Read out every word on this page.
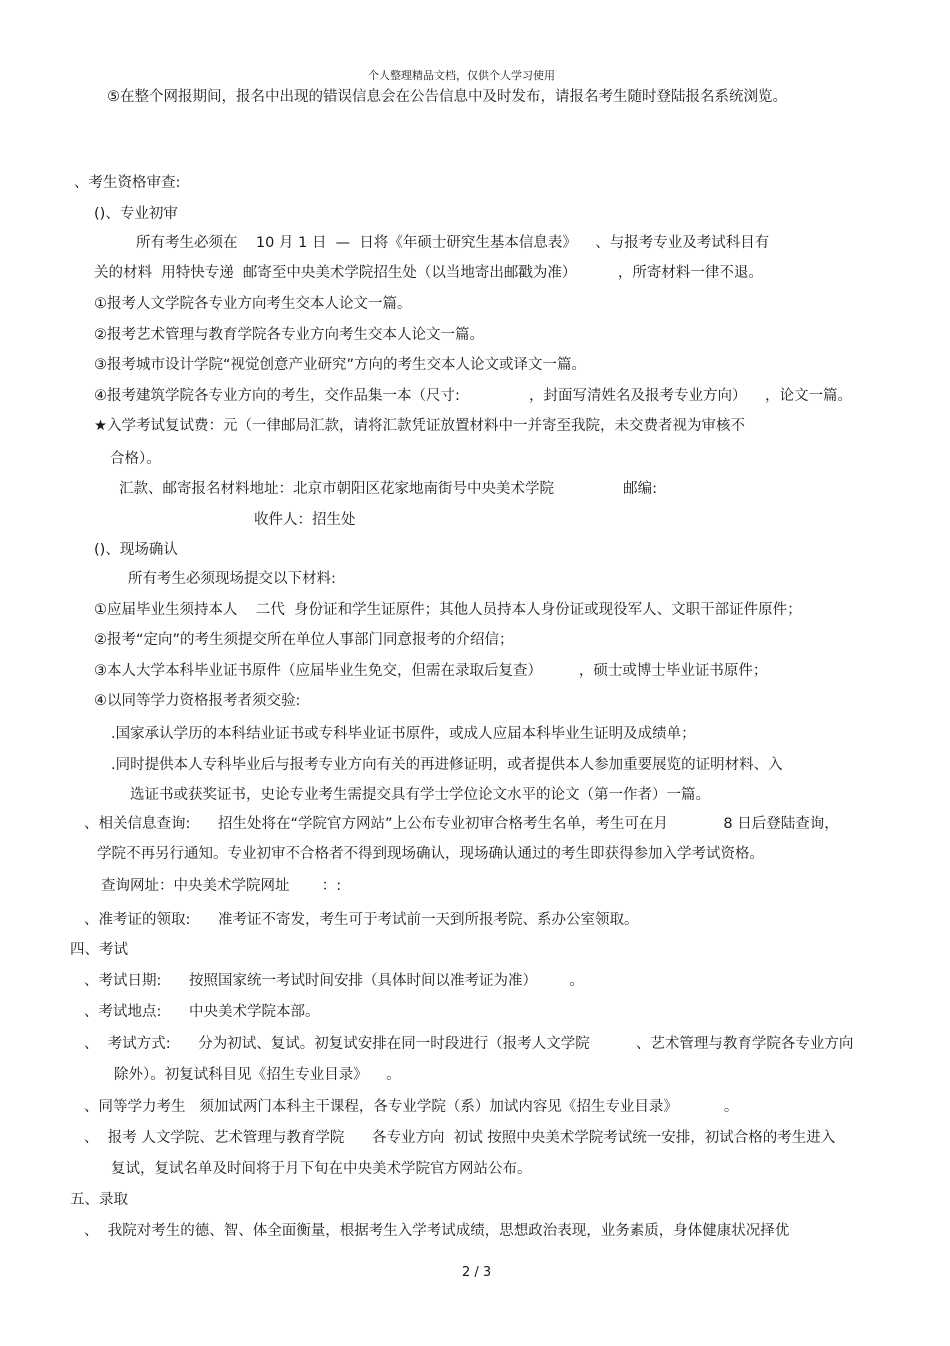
个人整理精品文档，仅供个人学习使用
⑤在整个网报期间，报名中出现的错误信息会在公告信息中及时发布，请报名考生随时登陆报名系统浏览。
、考生资格审查:
()、专业初审
所有考生必须在    10 月 1 日  —  日将《年硕士研究生基本信息表》    、与报考专业及考试科目有
关的材料  用特快专递  邮寄至中央美术学院招生处（以当地寄出邮戳为准）         ，所寄材料一律不退。
①报考人文学院各专业方向考生交本人论文一篇。
②报考艺术管理与教育学院各专业方向考生交本人论文一篇。
③报考城市设计学院“视觉创意产业研究”方向的考生交本人论文或译文一篇。
④报考建筑学院各专业方向的考生，交作品集一本（尺寸:               ，封面写清姓名及报考专业方向）    ，论文一篇。
★入学考试复试费：元（一律邮局汇款，请将汇款凭证放置材料中一并寄至我院，未交费者视为审核不
合格）。
汇款、邮寄报名材料地址：北京市朝阳区花家地南街号中央美术学院               邮编:
收件人：招生处
()、现场确认
所有考生必须现场提交以下材料:
①应届毕业生须持本人    二代  身份证和学生证原件；其他人员持本人身份证或现役军人、文职干部证件原件；
②报考“定向”的考生须提交所在单位人事部门同意报考的介绍信；
③本人大学本科毕业证书原件（应届毕业生免交，但需在录取后复查）        ，硕士或博士毕业证书原件；
④以同等学力资格报考者须交验:
.国家承认学历的本科结业证书或专科毕业证书原件，或成人应届本科毕业生证明及成绩单；
.同时提供本人专科毕业后与报考专业方向有关的再进修证明，或者提供本人参加重要展览的证明材料、入
选证书或获奖证书，史论专业考生需提交具有学士学位论文水平的论文（第一作者）一篇。
、相关信息查询:      招生处将在“学院官方网站”上公布专业初审合格考生名单，考生可在月            8 日后登陆查询，
学院不再另行通知。专业初审不合格者不得到现场确认，现场确认通过的考生即获得参加入学考试资格。
查询网址：中央美术学院网址       ：:
、准考证的领取:      准考证不寄发，考生可于考试前一天到所报考院、系办公室领取。
四、考试
、考试日期:      按照国家统一考试时间安排（具体时间以准考证为准）       。
、考试地点:      中央美术学院本部。
、  考试方式:      分为初试、复试。初复试安排在同一时段进行（报考人文学院          、艺术管理与教育学院各专业方向
除外）。初复试科目见《招生专业目录》    。
、同等学力考生   须加试两门本科主干课程，各专业学院（系）加试内容见《招生专业目录》          。
、  报考 人文学院、艺术管理与教育学院      各专业方向  初试 按照中央美术学院考试统一安排，初试合格的考生进入
复试，复试名单及时间将于月下旬在中央美术学院官方网站公布。
五、录取
、  我院对考生的德、智、体全面衡量，根据考生入学考试成绩，思想政治表现，业务素质，身体健康状况择优
2 / 3
